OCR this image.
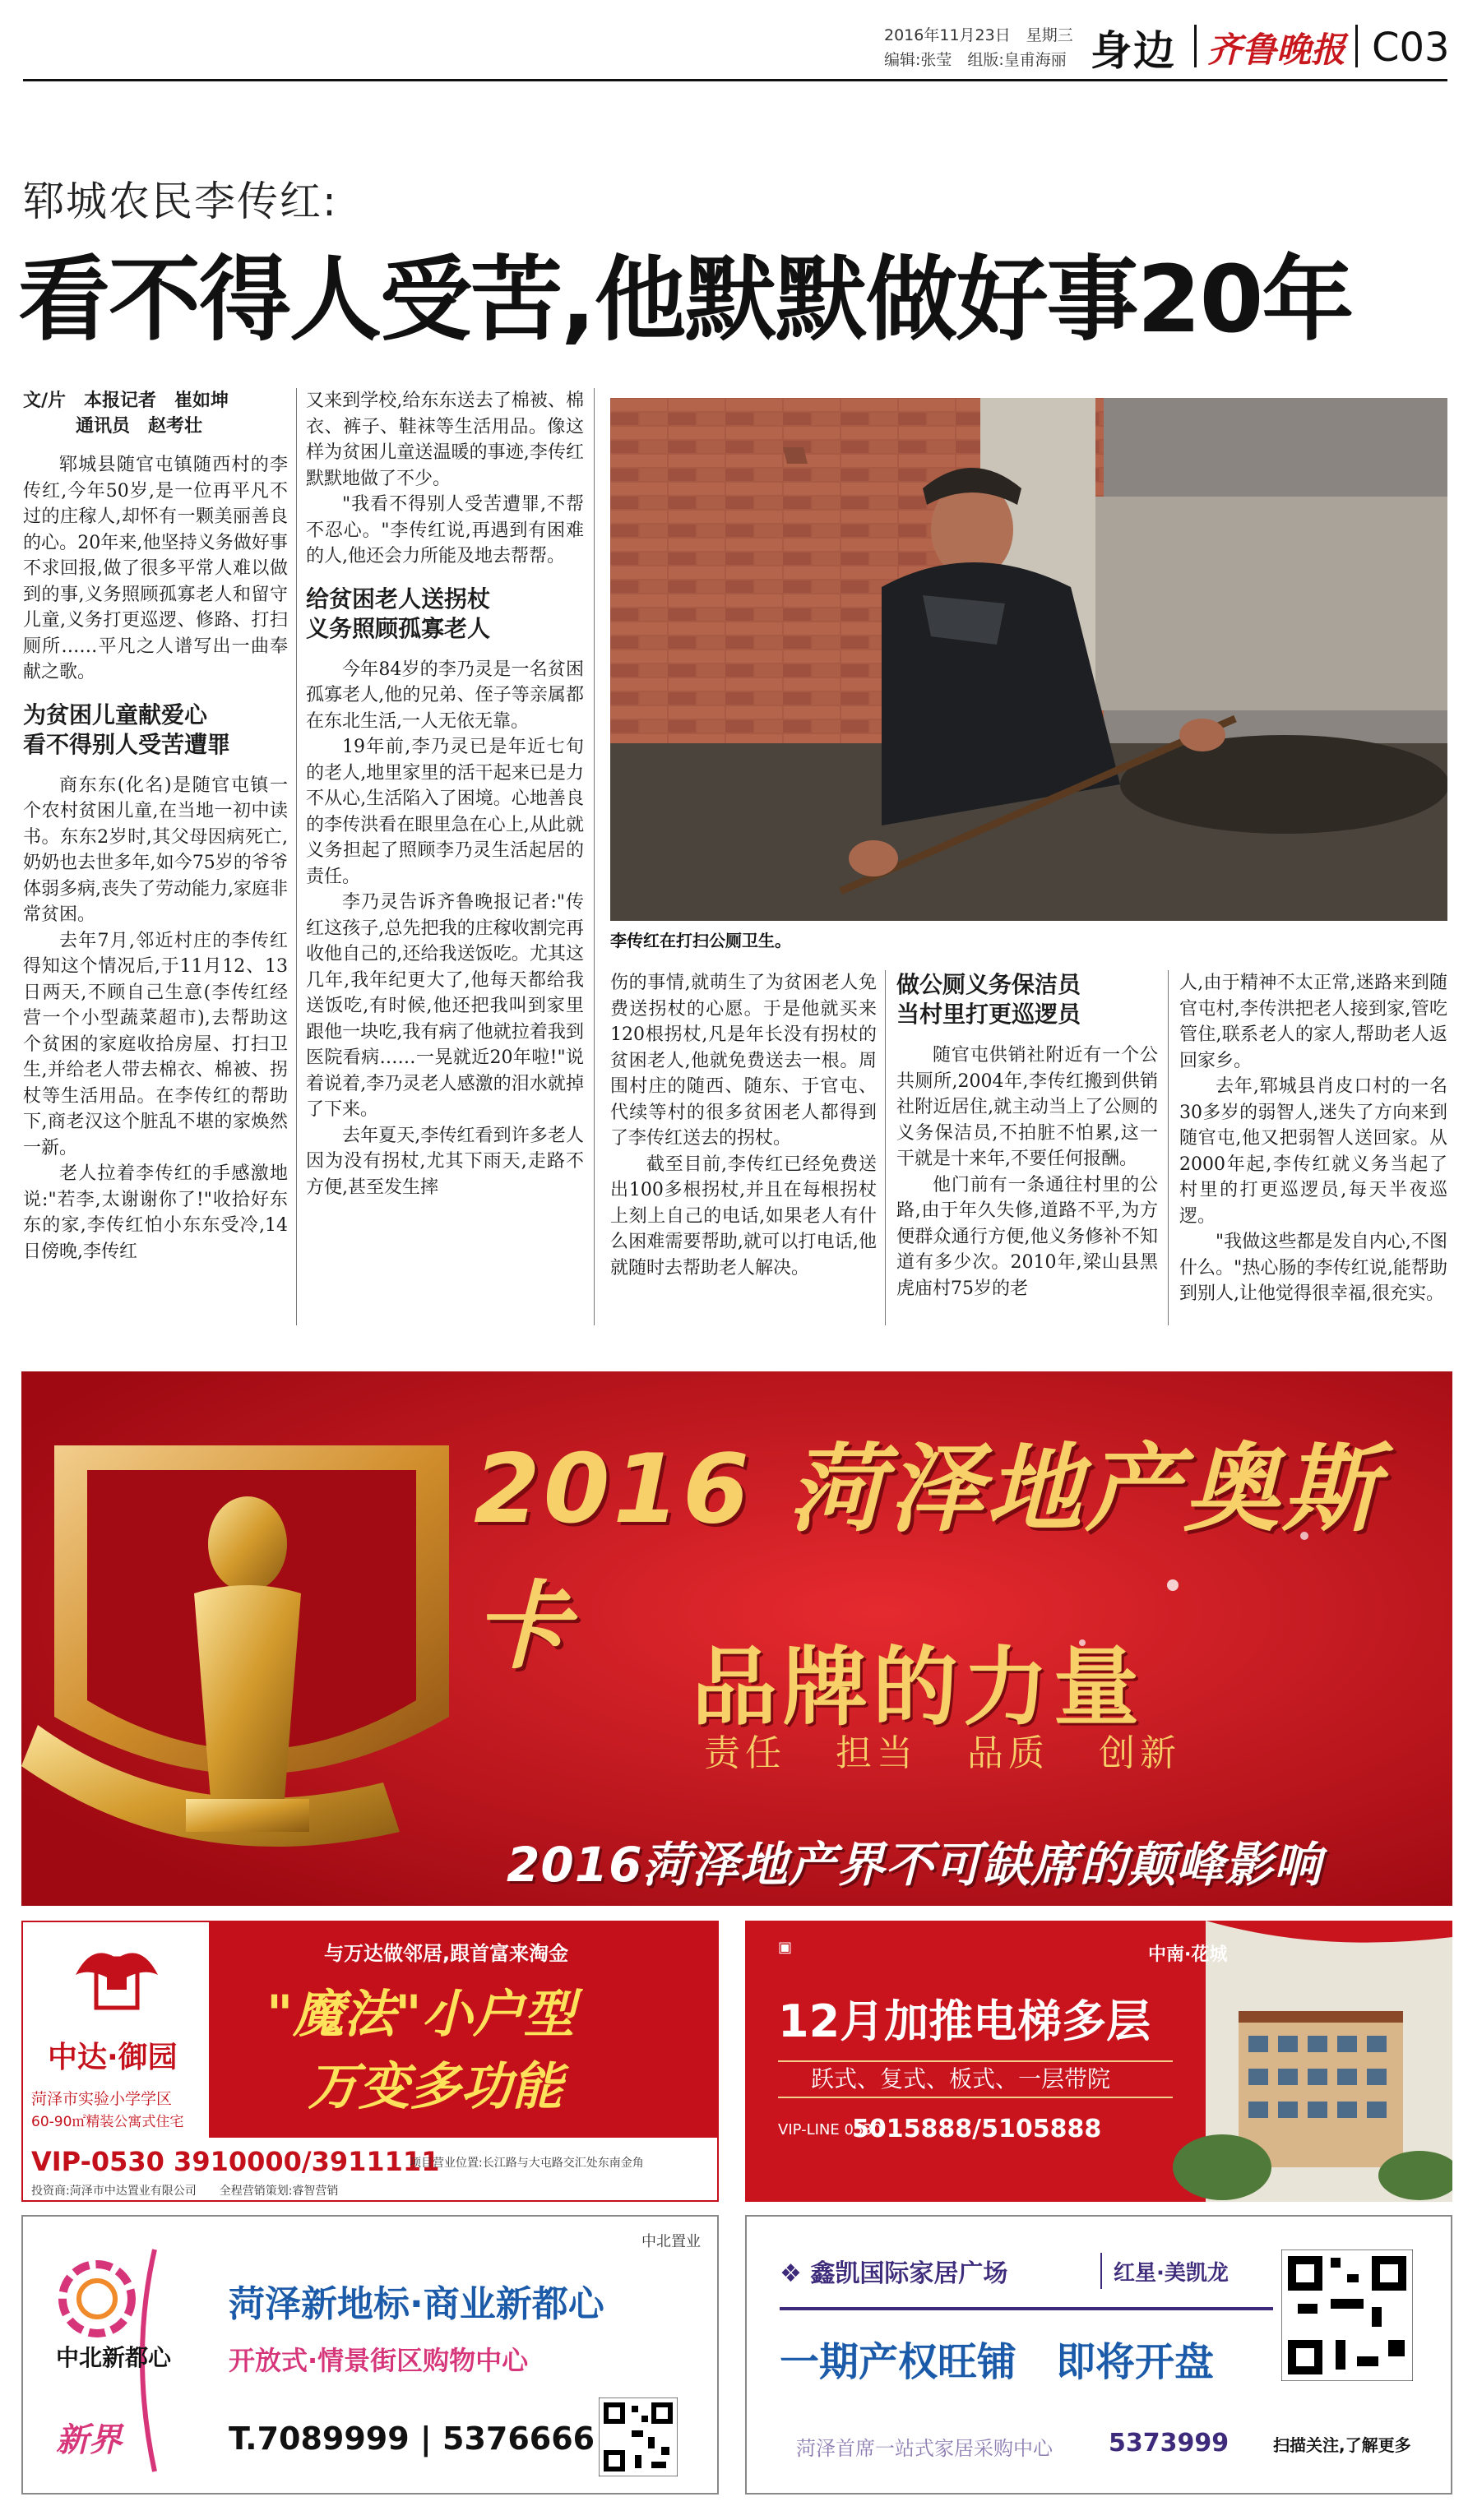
2016年11月23日　星期三
编辑:张莹　组版:皇甫海丽 身边 齐鲁晚报 C03
郓城农民李传红:
看不得人受苦,他默默做好事20年
文/片　本报记者　崔如坤
通讯员　赵考壮

郓城县随官屯镇随西村的李传红,今年50岁,是一位再平凡不过的庄稼人,却怀有一颗美丽善良的心。20年来,他坚持义务做好事不求回报,做了很多平常人难以做到的事,义务照顾孤寡老人和留守儿童,义务打更巡逻、修路、打扫厕所……平凡之人谱写出一曲奉献之歌。

为贫困儿童献爱心
看不得别人受苦遭罪

商东东(化名)是随官屯镇一个农村贫困儿童,在当地一初中读书。东东2岁时,其父母因病死亡,奶奶也去世多年,如今75岁的爷爷体弱多病,丧失了劳动能力,家庭非常贫困。

去年7月,邻近村庄的李传红得知这个情况后,于11月12、13日两天,不顾自己生意(李传红经营一个小型蔬菜超市),去帮助这个贫困的家庭收拾房屋、打扫卫生,并给老人带去棉衣、棉被、拐杖等生活用品。在李传红的帮助下,商老汉这个脏乱不堪的家焕然一新。

老人拉着李传红的手感激地说:"若李,太谢谢你了!"收拾好东东的家,李传红怕小东东受冷,14日傍晚,李传红

又来到学校,给东东送去了棉被、棉衣、裤子、鞋袜等生活用品。像这样为贫困儿童送温暖的事迹,李传红默默地做了不少。

"我看不得别人受苦遭罪,不帮不忍心。"李传红说,再遇到有困难的人,他还会力所能及地去帮帮。

给贫困老人送拐杖
义务照顾孤寡老人

今年84岁的李乃灵是一名贫困孤寡老人,他的兄弟、侄子等亲属都在东北生活,一人无依无靠。

19年前,李乃灵已是年近七旬的老人,地里家里的活干起来已是力不从心,生活陷入了困境。心地善良的李传洪看在眼里急在心上,从此就义务担起了照顾李乃灵生活起居的责任。

李乃灵告诉齐鲁晚报记者:"传红这孩子,总先把我的庄稼收割完再收他自己的,还给我送饭吃。尤其这几年,我年纪更大了,他每天都给我送饭吃,有时候,他还把我叫到家里跟他一块吃,我有病了他就拉着我到医院看病……一晃就近20年啦!"说着说着,李乃灵老人感激的泪水就掉了下来。

去年夏天,李传红看到许多老人因为没有拐杖,尤其下雨天,走路不方便,甚至发生摔

李传红在打扫公厕卫生。

伤的事情,就萌生了为贫困老人免费送拐杖的心愿。于是他就买来120根拐杖,凡是年长没有拐杖的贫困老人,他就免费送去一根。周围村庄的随西、随东、于官屯、代续等村的很多贫困老人都得到了李传红送去的拐杖。

截至目前,李传红已经免费送出100多根拐杖,并且在每根拐杖上刻上自己的电话,如果老人有什么困难需要帮助,就可以打电话,他就随时去帮助老人解决。

做公厕义务保洁员
当村里打更巡逻员

随官屯供销社附近有一个公共厕所,2004年,李传红搬到供销社附近居住,就主动当上了公厕的义务保洁员,不拍脏不怕累,这一干就是十来年,不要任何报酬。

他门前有一条通往村里的公路,由于年久失修,道路不平,为方便群众通行方便,他义务修补不知道有多少次。2010年,梁山县黑虎庙村75岁的老

人,由于精神不太正常,迷路来到随官屯村,李传洪把老人接到家,管吃管住,联系老人的家人,帮助老人返回家乡。

去年,郓城县肖皮口村的一名30多岁的弱智人,迷失了方向来到随官屯,他又把弱智人送回家。从2000年起,李传红就义务当起了村里的打更巡逻员,每天半夜巡逻。

"我做这些都是发自内心,不图什么。"热心肠的李传红说,能帮助到别人,让他觉得很幸福,很充实。

2016 菏泽地产奥斯卡
品牌的力量
责任 担当 品质 创新
2016菏泽地产界不可缺席的颠峰影响
中达·御园
菏泽市实验小学学区
60-90㎡精装公寓式住宅
与万达做邻居,跟首富来淘金
"魔法"小户型
万变多功能
VIP-0530 3910000/3911111
项目营业位置:长江路与大屯路交汇处东南金角
投资商:菏泽市中达置业有限公司　　全程营销策划:睿智营销
▣	中南·花城
12月加推电梯多层
跃式、复式、板式、一层带院
VIP-LINE 0530
5015888/5105888
中北新都心
新界
中北置业
菏泽新地标·商业新都心
开放式·情景街区购物中心
T.7089999 | 5376666
❖ 鑫凯国际家居广场	红星·美凯龙
一期产权旺铺　即将开盘
菏泽首席一站式家居采购中心 5373999	扫描关注,了解更多
